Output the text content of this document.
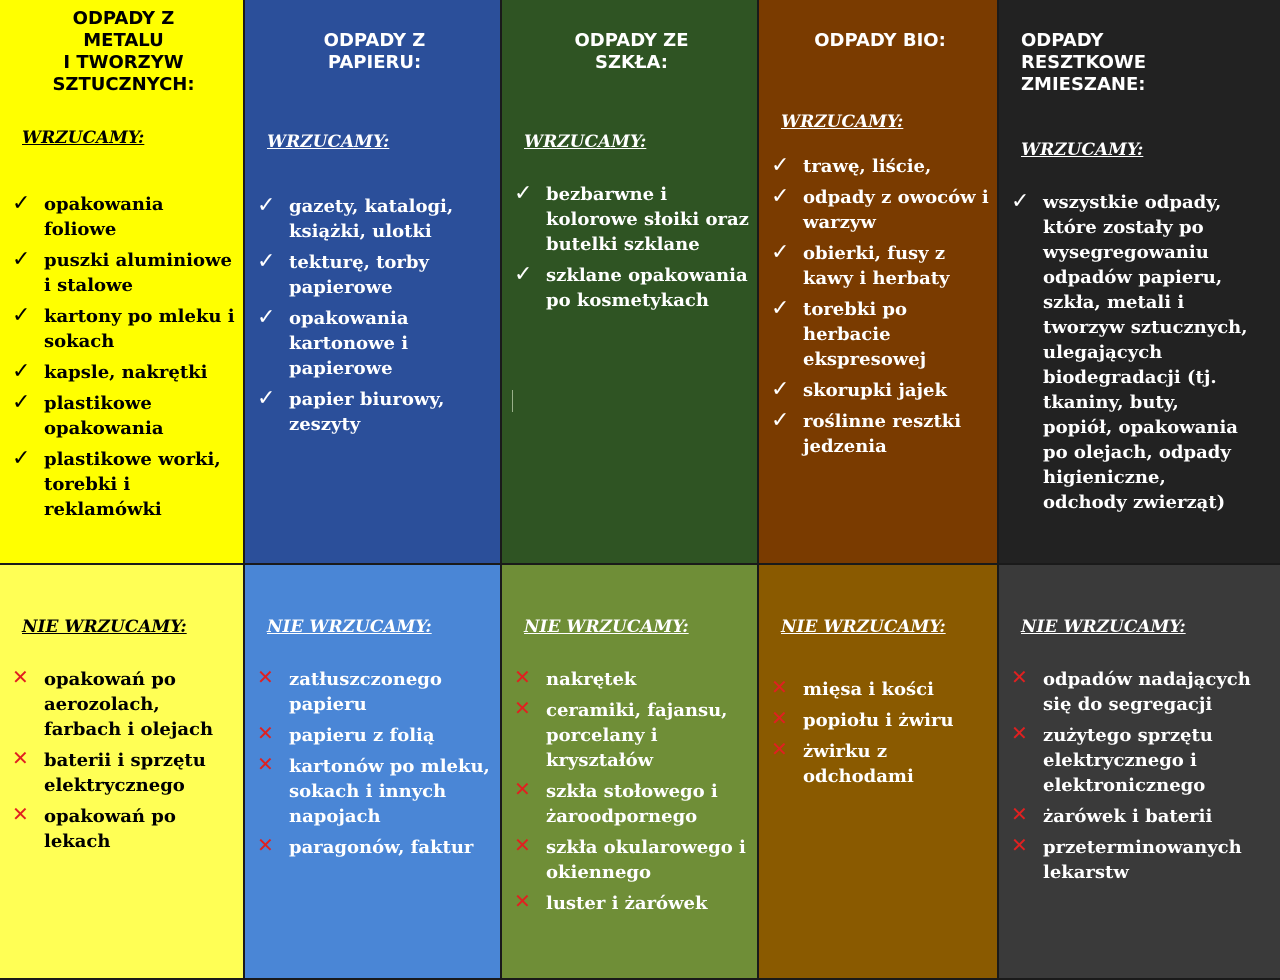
ODPADY Z
METALU
I TWORZYW
SZTUCZNYCH:
WRZUCAMY:
✓ opakowania foliowe
✓ puszki aluminiowe i stalowe
✓ kartony po mleku i sokach
✓ kapsle, nakrętki
✓ plastikowe opakowania
✓ plastikowe worki, torebki i reklamówki
ODPADY Z
PAPIERU:
WRZUCAMY:
✓ gazety, katalogi, książki, ulotki
✓ tekturę, torby papierowe
✓ opakowania kartonowe i papierowe
✓ papier biurowy, zeszyty
ODPADY ZE
SZKŁA:
WRZUCAMY:
✓ bezbarwne i kolorowe słoiki oraz butelki szklane
✓ szklane opakowania po kosmetykach
ODPADY BIO:
WRZUCAMY:
✓ trawę, liście,
✓ odpady z owoców i warzyw
✓ obierki, fusy z kawy i herbaty
✓ torebki po herbacie ekspresowej
✓ skorupki jajek
✓ roślinne resztki jedzenia
ODPADY
RESZTKOWE
ZMIESZANE:
WRZUCAMY:
✓ wszystkie odpady, które zostały po wysegregowaniu odpadów papieru, szkła, metali i tworzyw sztucznych, ulegających biodegradacji (tj. tkaniny, buty, popiół, opakowania po olejach, odpady higieniczne, odchody zwierząt)
NIE WRZUCAMY:
✕ opakowań po aerozolach, farbach i olejach
✕ baterii i sprzętu elektrycznego
✕ opakowań po lekach
NIE WRZUCAMY:
✕ zatłuszczonego papieru
✕ papieru z folią
✕ kartonów po mleku, sokach i innych napojach
✕ paragonów, faktur
NIE WRZUCAMY:
✕ nakrętek
✕ ceramiki, fajansu, porcelany i kryształów
✕ szkła stołowego i żaroodpornego
✕ szkła okularowego i okiennego
✕ luster i żarówek
NIE WRZUCAMY:
✕ mięsa i kości
✕ popiołu i żwiru
✕ żwirku z odchodami
NIE WRZUCAMY:
✕ odpadów nadających się do segregacji
✕ zużytego sprzętu elektrycznego i elektronicznego
✕ żarówek i baterii
✕ przeterminowanych lekarstw
